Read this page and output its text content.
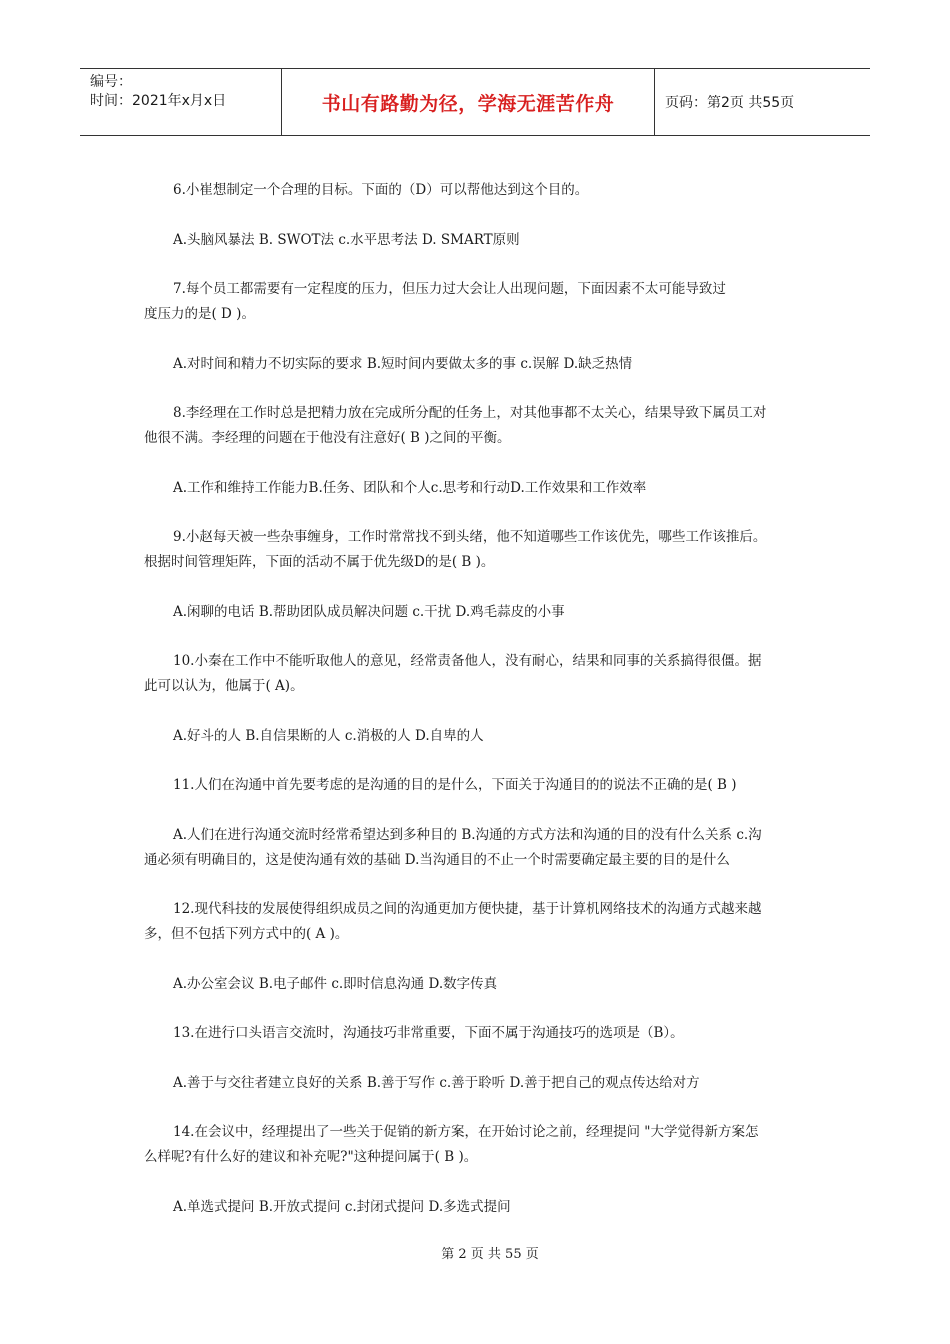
编号：
时间：2021年x月x日	书山有路勤为径，学海无涯苦作舟	页码：第2页 共55页

6.小崔想制定一个合理的目标。下面的（D）可以帮他达到这个目的。

A.头脑风暴法 B. SWOT法 c.水平思考法 D. SMART原则

7.每个员工都需要有一定程度的压力，但压力过大会让人出现问题，下面因素不太可能导致过
度压力的是( D )。

A.对时间和精力不切实际的要求 B.短时间内要做太多的事 c.误解 D.缺乏热情

8.李经理在工作时总是把精力放在完成所分配的任务上，对其他事都不太关心，结果导致下属员工对
他很不满。李经理的问题在于他没有注意好( B )之间的平衡。

A.工作和维持工作能力B.任务、团队和个人c.思考和行动D.工作效果和工作效率

9.小赵每天被一些杂事缠身，工作时常常找不到头绪，他不知道哪些工作该优先，哪些工作该推后。
根据时间管理矩阵，下面的活动不属于优先级D的是( B )。

A.闲聊的电话 B.帮助团队成员解决问题 c.干扰 D.鸡毛蒜皮的小事

10.小秦在工作中不能听取他人的意见，经常责备他人，没有耐心，结果和同事的关系搞得很僵。据
此可以认为，他属于( A)。

A.好斗的人 B.自信果断的人 c.消极的人 D.自卑的人

11.人们在沟通中首先要考虑的是沟通的目的是什么，下面关于沟通目的的说法不正确的是( B )

A.人们在进行沟通交流时经常希望达到多种目的 B.沟通的方式方法和沟通的目的没有什么关系 c.沟
通必须有明确目的，这是使沟通有效的基础 D.当沟通目的不止一个时需要确定最主要的目的是什么

12.现代科技的发展使得组织成员之间的沟通更加方便快捷，基于计算机网络技术的沟通方式越来越
多，但不包括下列方式中的( A )。

A.办公室会议 B.电子邮件 c.即时信息沟通 D.数字传真

13.在进行口头语言交流时，沟通技巧非常重要，下面不属于沟通技巧的选项是（B）。

A.善于与交往者建立良好的关系 B.善于写作 c.善于聆听 D.善于把自己的观点传达给对方

14.在会议中，经理提出了一些关于促销的新方案，在开始讨论之前，经理提问 "大学觉得新方案怎
么样呢?有什么好的建议和补充呢?"这种提问属于( B )。

A.单选式提问 B.开放式提问 c.封闭式提问 D.多选式提问

第 2 页 共 55 页
